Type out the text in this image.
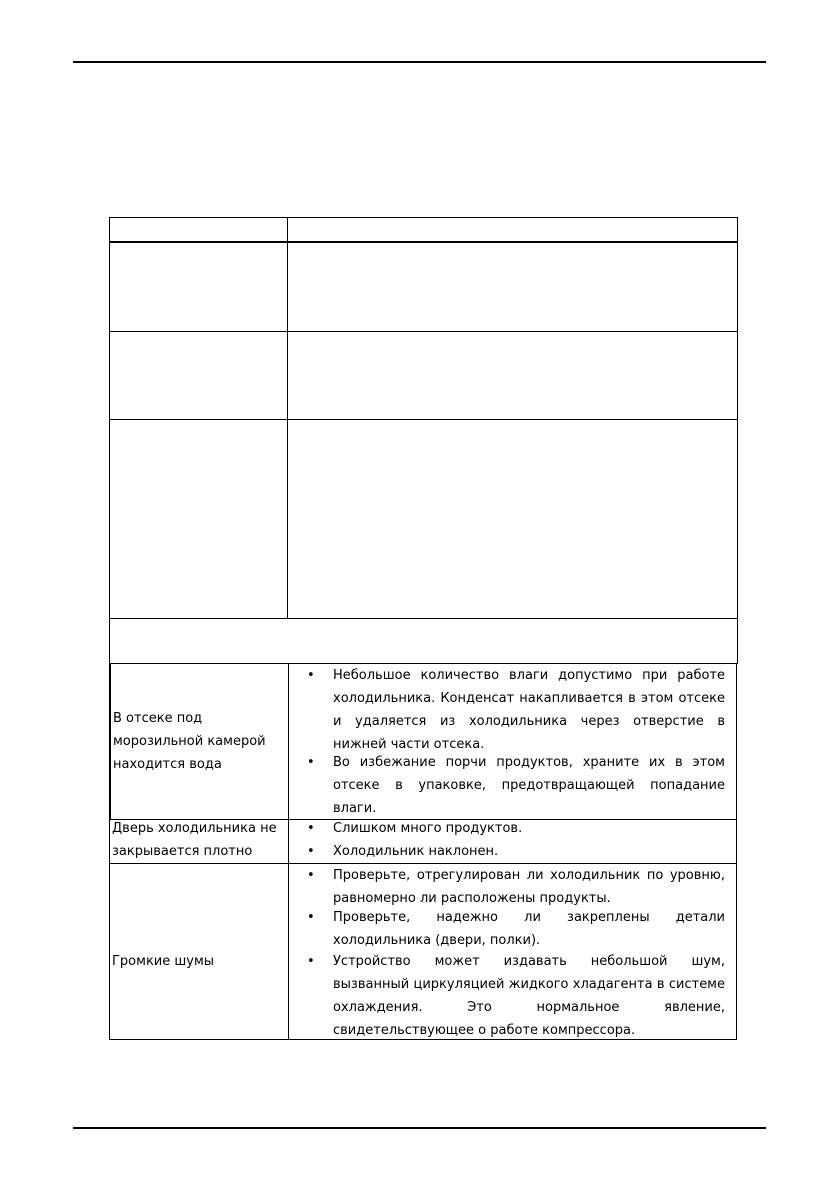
В отсеке под
морозильной камерой
находится вода
• Небольшое количество влаги допустимо при работе холодильника. Конденсат накапливается в этом отсеке и удаляется из холодильника через отверстие в нижней части отсека.
• Во избежание порчи продуктов, храните их в этом отсеке в упаковке, предотвращающей попадание влаги.
Дверь холодильника не
закрывается плотно
• Слишком много продуктов.
• Холодильник наклонен.
Громкие шумы
• Проверьте, отрегулирован ли холодильник по уровню, равномерно ли расположены продукты.
• Проверьте, надежно ли закреплены детали холодильника (двери, полки).
• Устройство может издавать небольшой шум, вызванный циркуляцией жидкого хладагента в системе охлаждения. Это нормальное явление, свидетельствующее о работе компрессора.
